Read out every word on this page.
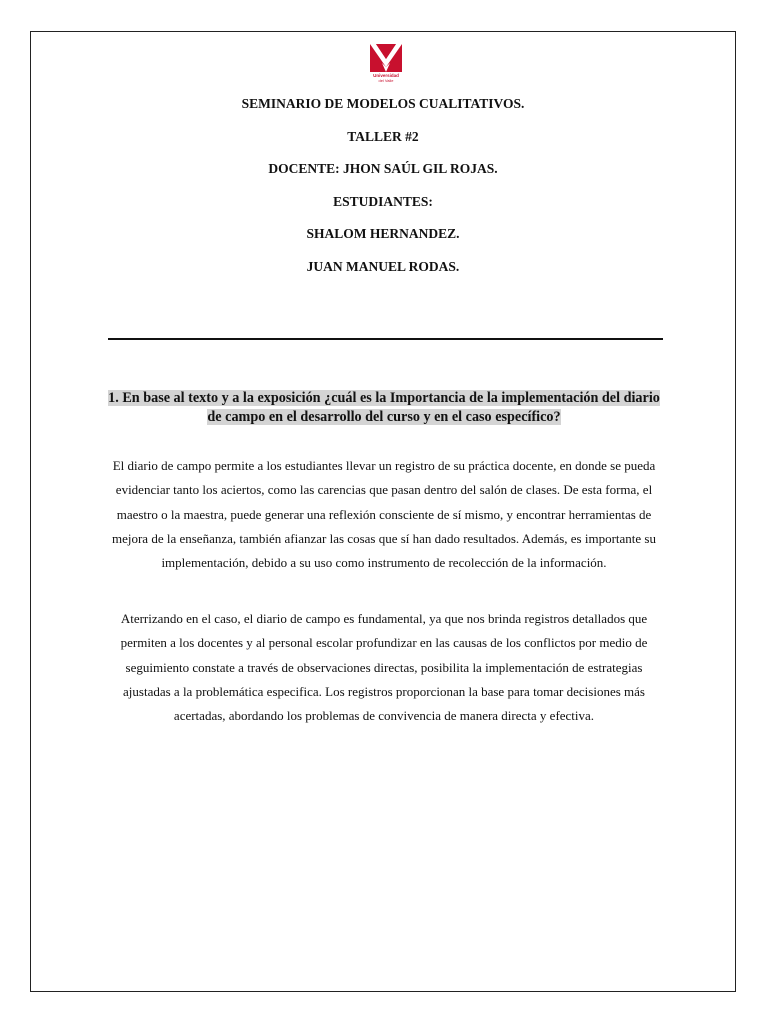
Universidad
del Valle
SEMINARIO DE MODELOS CUALITATIVOS.
TALLER #2
DOCENTE: JHON SAÚL GIL ROJAS.
ESTUDIANTES:
SHALOM HERNANDEZ.
JUAN MANUEL RODAS.
1. En base al texto y a la exposición ¿cuál es la Importancia de la implementación del diario de campo en el desarrollo del curso y en el caso específico?
El diario de campo permite a los estudiantes llevar un registro de su práctica docente, en donde se pueda evidenciar tanto los aciertos, como las carencias que pasan dentro del salón de clases. De esta forma, el maestro o la maestra, puede generar una reflexión consciente de sí mismo, y encontrar herramientas de mejora de la enseñanza, también afianzar las cosas que sí han dado resultados. Además, es importante su implementación, debido a su uso como instrumento de recolección de la información.
Aterrizando en el caso, el diario de campo es fundamental, ya que nos brinda registros detallados que permiten a los docentes y al personal escolar profundizar en las causas de los conflictos por medio de seguimiento constate a través de observaciones directas, posibilita la implementación de estrategias ajustadas a la problemática especifica. Los registros proporcionan la base para tomar decisiones más acertadas, abordando los problemas de convivencia de manera directa y efectiva.
